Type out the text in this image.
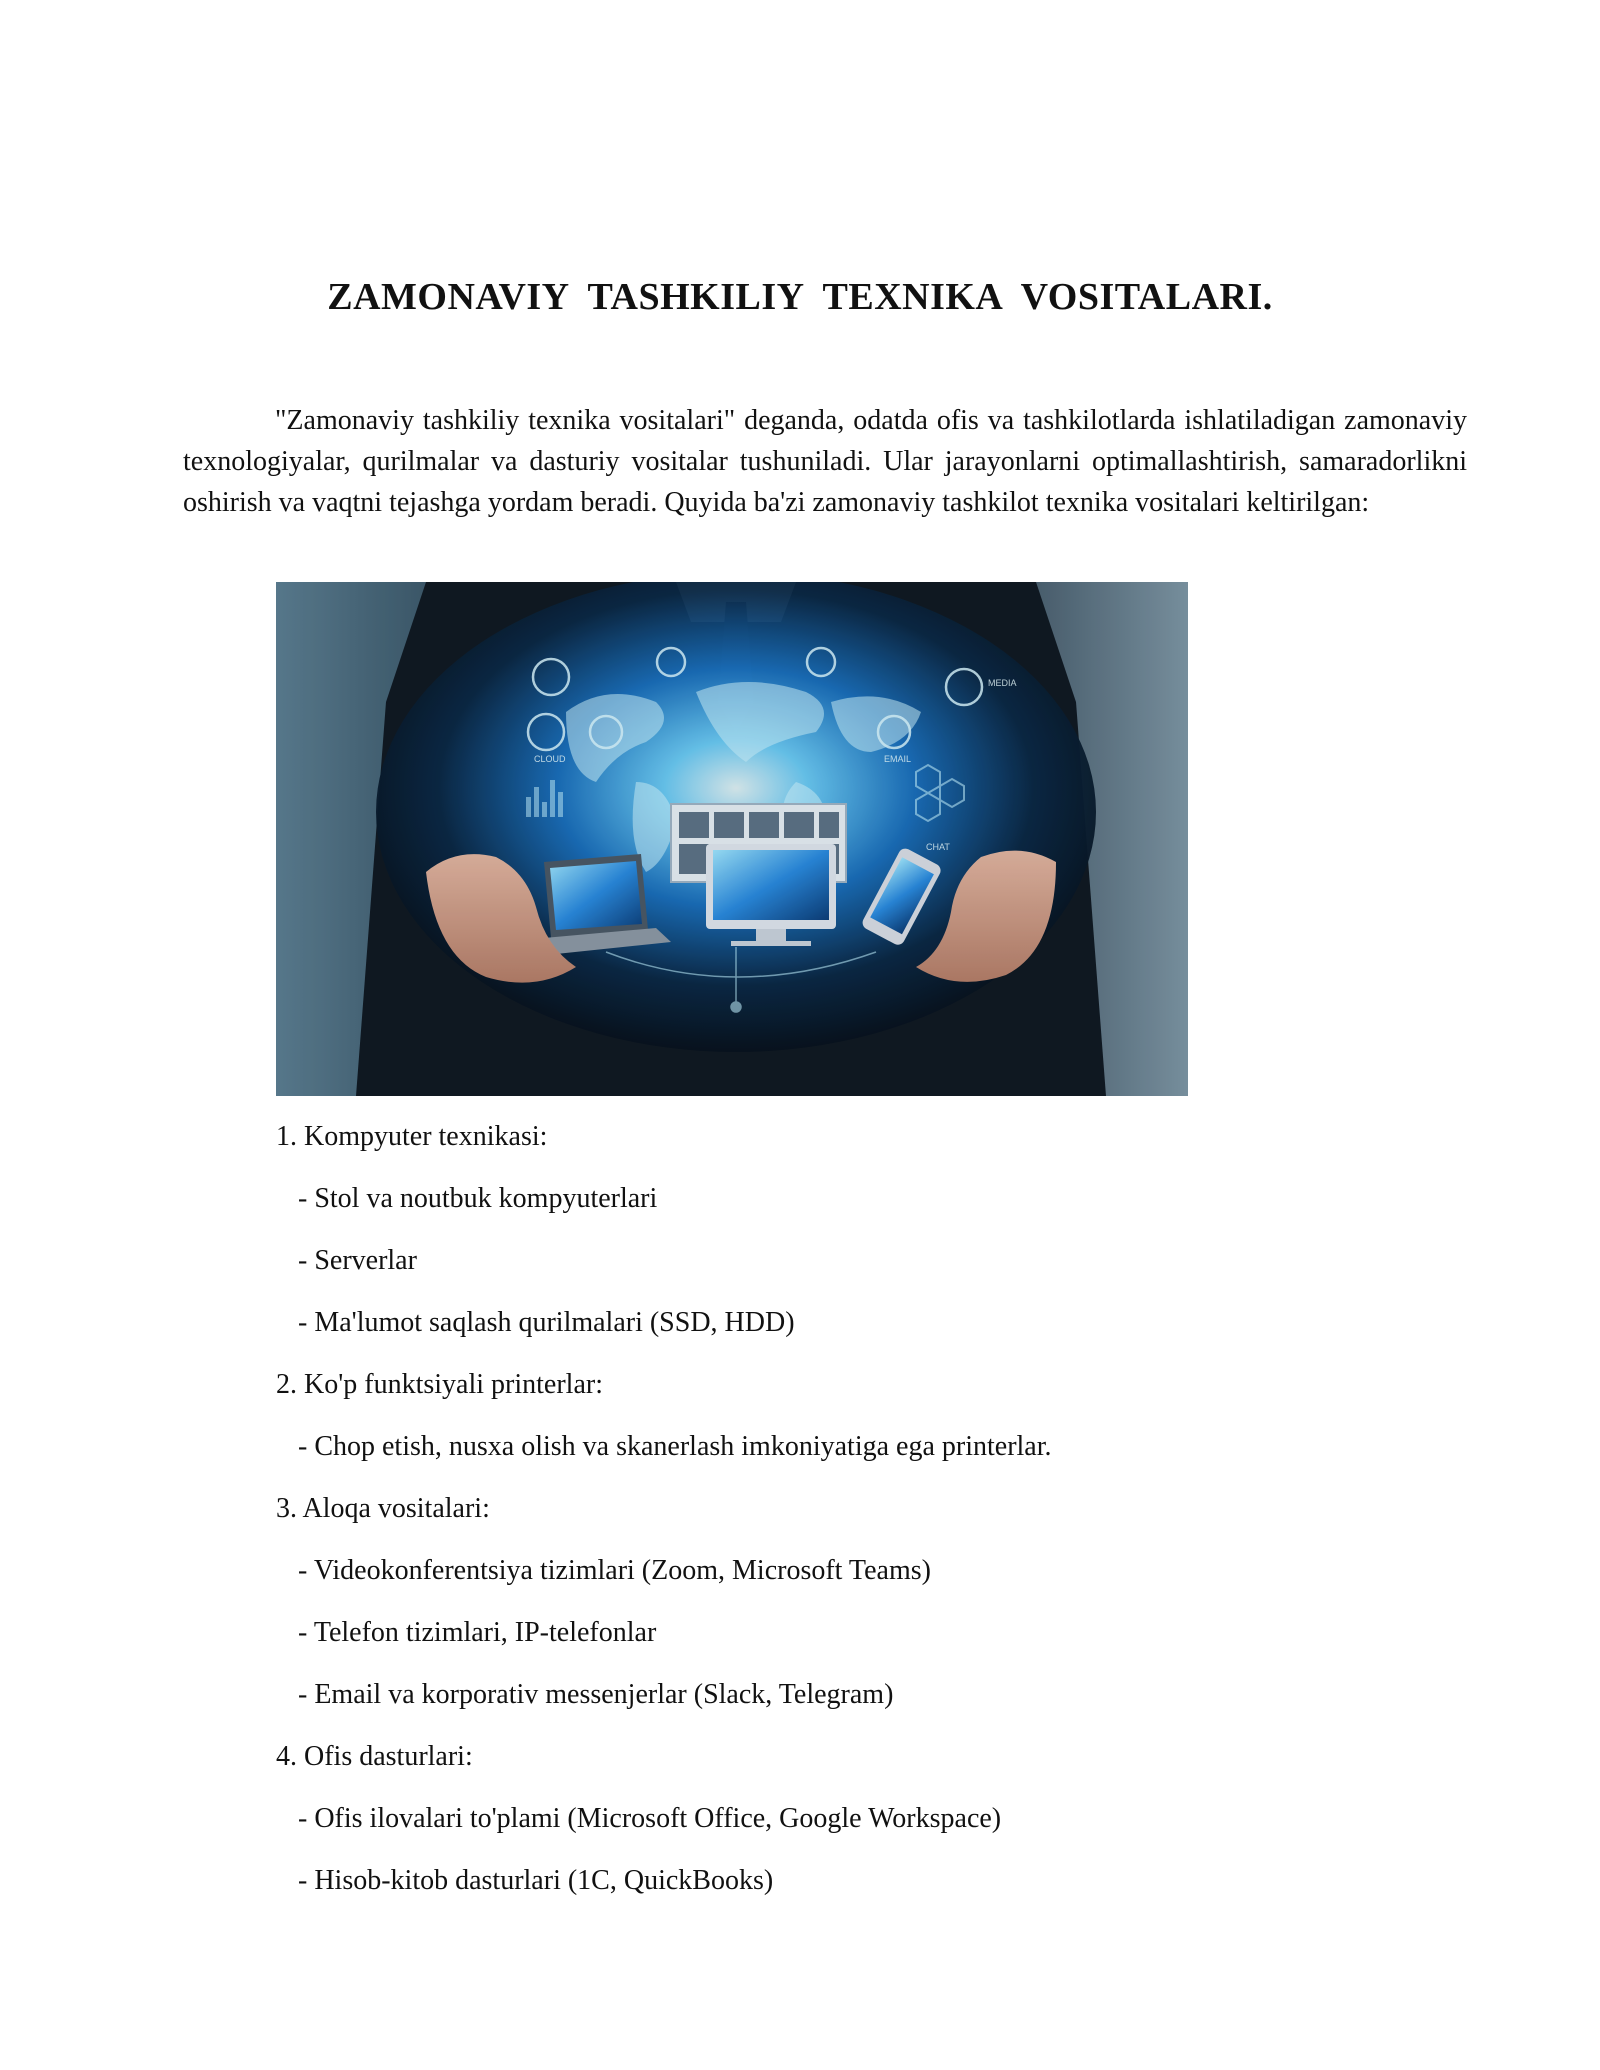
ZAMONAVIY TASHKILIY TEXNIKA VOSITALARI.

"Zamonaviy tashkiliy texnika vositalari" deganda, odatda ofis va tashkilotlarda ishlatiladigan zamonaviy texnologiyalar, qurilmalar va dasturiy vositalar tushuniladi. Ular jarayonlarni optimallashtirish, samaradorlikni oshirish va vaqtni tejashga yordam beradi. Quyida ba'zi zamonaviy tashkilot texnika vositalari keltirilgan:

CLOUD	EMAIL
CHAT
MEDIA
1. Kompyuter texnikasi:
- Stol va noutbuk kompyuterlari
- Serverlar
- Ma'lumot saqlash qurilmalari (SSD, HDD)
2. Ko'p funktsiyali printerlar:
- Chop etish, nusxa olish va skanerlash imkoniyatiga ega printerlar.
3. Aloqa vositalari:
- Videokonferentsiya tizimlari (Zoom, Microsoft Teams)
- Telefon tizimlari, IP-telefonlar
- Email va korporativ messenjerlar (Slack, Telegram)
4. Ofis dasturlari:
- Ofis ilovalari to'plami (Microsoft Office, Google Workspace)
- Hisob-kitob dasturlari (1C, QuickBooks)
